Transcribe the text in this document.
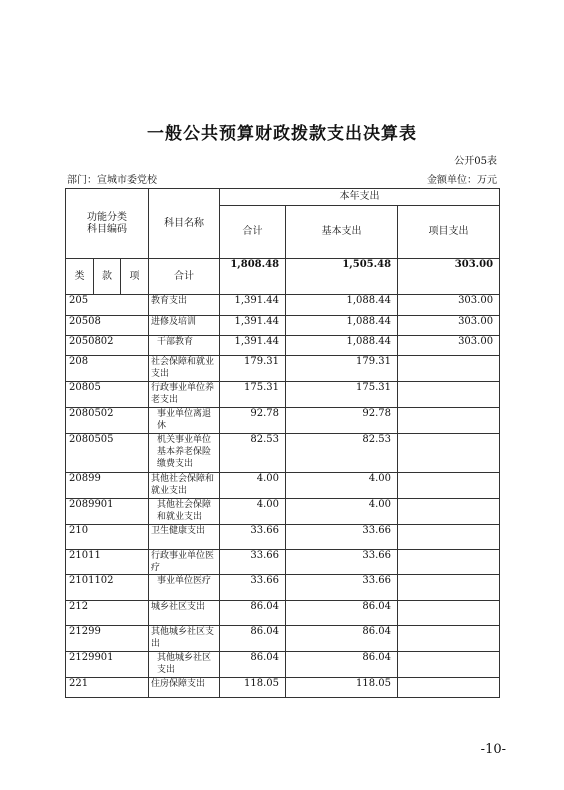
一般公共预算财政拨款支出决算表
公开05表
部门：宣城市委党校	金额单位：万元
功能分类
科目编码			科目名称	本年支出		
				合计	基本支出	项目支出
类	款	项	合计	1,808.48	1,505.48	303.00
205			教育支出	1,391.44	1,088.44	303.00
20508			进修及培训	1,391.44	1,088.44	303.00
2050802			干部教育	1,391.44	1,088.44	303.00
208			社会保障和就业支出	179.31	179.31	
20805			行政事业单位养老支出	175.31	175.31	
2080502			事业单位离退休	92.78	92.78	
2080505			机关事业单位基本养老保险缴费支出	82.53	82.53	
20899			其他社会保障和就业支出	4.00	4.00	
2089901			其他社会保障和就业支出	4.00	4.00	
210			卫生健康支出	33.66	33.66	
21011			行政事业单位医疗	33.66	33.66	
2101102			事业单位医疗	33.66	33.66	
212			城乡社区支出	86.04	86.04	
21299			其他城乡社区支出	86.04	86.04	
2129901			其他城乡社区支出	86.04	86.04	
221			住房保障支出	118.05	118.05	
-10-
